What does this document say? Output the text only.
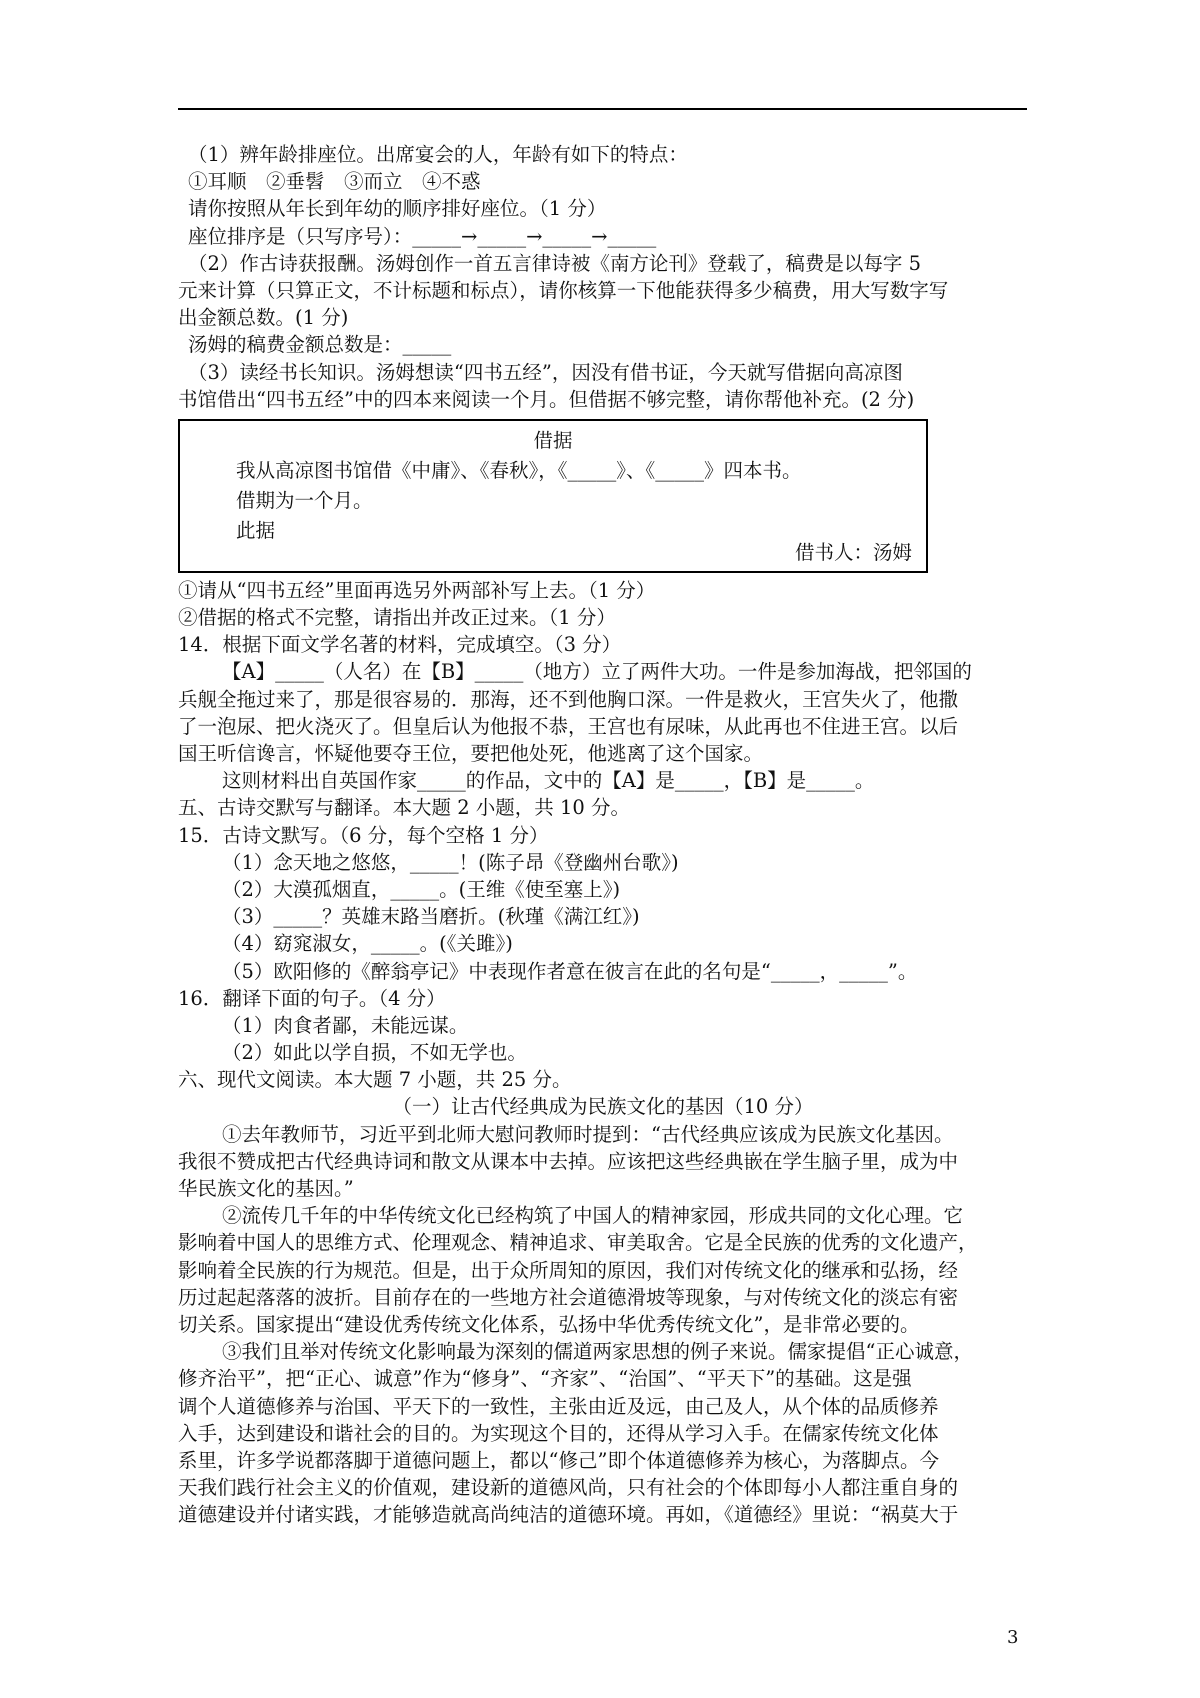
（1）辨年龄排座位。出席宴会的人，年龄有如下的特点：
①耳顺　②垂髫　③而立　④不惑
请你按照从年长到年幼的顺序排好座位。（1 分）
座位排序是（只写序号）：_____→_____→_____→_____
（2）作古诗获报酬。汤姆创作一首五言律诗被《南方论刊》登载了，稿费是以每字 5
元来计算（只算正文，不计标题和标点），请你核算一下他能获得多少稿费，用大写数字写
出金额总数。(1 分)
汤姆的稿费金额总数是：_____
（3）读经书长知识。汤姆想读“四书五经”，因没有借书证，今天就写借据向高凉图
书馆借出“四书五经”中的四本来阅读一个月。但借据不够完整，请你帮他补充。(2 分)
借据
我从高凉图书馆借《中庸》、《春秋》，《_____》、《_____》四本书。
借期为一个月。
此据
借书人：汤姆
①请从“四书五经”里面再选另外两部补写上去。（1 分）
②借据的格式不完整，请指出并改正过来。（1 分）
14．根据下面文学名著的材料，完成填空。（3 分）
【A】_____（人名）在【B】_____（地方）立了两件大功。一件是参加海战，把邻国的
兵舰全拖过来了，那是很容易的．那海，还不到他胸口深。一件是救火，王宫失火了，他撒
了一泡尿、把火浇灭了。但皇后认为他报不恭，王宫也有尿味，从此再也不住进王宫。以后
国王听信谗言，怀疑他要夺王位，要把他处死，他逃离了这个国家。
这则材料出自英国作家_____的作品，文中的【A】是_____，【B】是_____。
五、古诗交默写与翻译。本大题 2 小题，共 10 分。
15．古诗文默写。（6 分，每个空格 1 分）
（1）念天地之悠悠，_____！(陈子昂《登幽州台歌》)
（2）大漠孤烟直，_____。(王维《使至塞上》)
（3）_____？英雄末路当磨折。(秋瑾《满江红》)
（4）窈窕淑女，_____。(《关雎》)
（5）欧阳修的《醉翁亭记》中表现作者意在彼言在此的名句是“_____，_____”。
16．翻译下面的句子。（4 分）
（1）肉食者鄙，未能远谋。
（2）如此以学自损，不如无学也。
六、现代文阅读。本大题 7 小题，共 25 分。
（一）让古代经典成为民族文化的基因（10 分）
①去年教师节，习近平到北师大慰问教师时提到：“古代经典应该成为民族文化基因。
我很不赞成把古代经典诗词和散文从课本中去掉。应该把这些经典嵌在学生脑子里，成为中
华民族文化的基因。”
②流传几千年的中华传统文化已经构筑了中国人的精神家园，形成共同的文化心理。它
影响着中国人的思维方式、伦理观念、精神追求、审美取舍。它是全民族的优秀的文化遗产，
影响着全民族的行为规范。但是，出于众所周知的原因，我们对传统文化的继承和弘扬，经
历过起起落落的波折。目前存在的一些地方社会道德滑坡等现象，与对传统文化的淡忘有密
切关系。国家提出“建设优秀传统文化体系，弘扬中华优秀传统文化”，是非常必要的。
③我们且举对传统文化影响最为深刻的儒道两家思想的例子来说。儒家提倡“正心诚意，
修齐治平”，把“正心、诚意”作为“修身”、“齐家”、“治国”、“平天下”的基础。这是强
调个人道德修养与治国、平天下的一致性，主张由近及远，由己及人，从个体的品质修养
入手，达到建设和谐社会的目的。为实现这个目的，还得从学习入手。在儒家传统文化体
系里，许多学说都落脚于道德问题上，都以“修己”即个体道德修养为核心，为落脚点。今
天我们践行社会主义的价值观，建设新的道德风尚，只有社会的个体即每小人都注重自身的
道德建设并付诸实践，才能够造就高尚纯洁的道德环境。再如，《道德经》里说：“祸莫大于
3
